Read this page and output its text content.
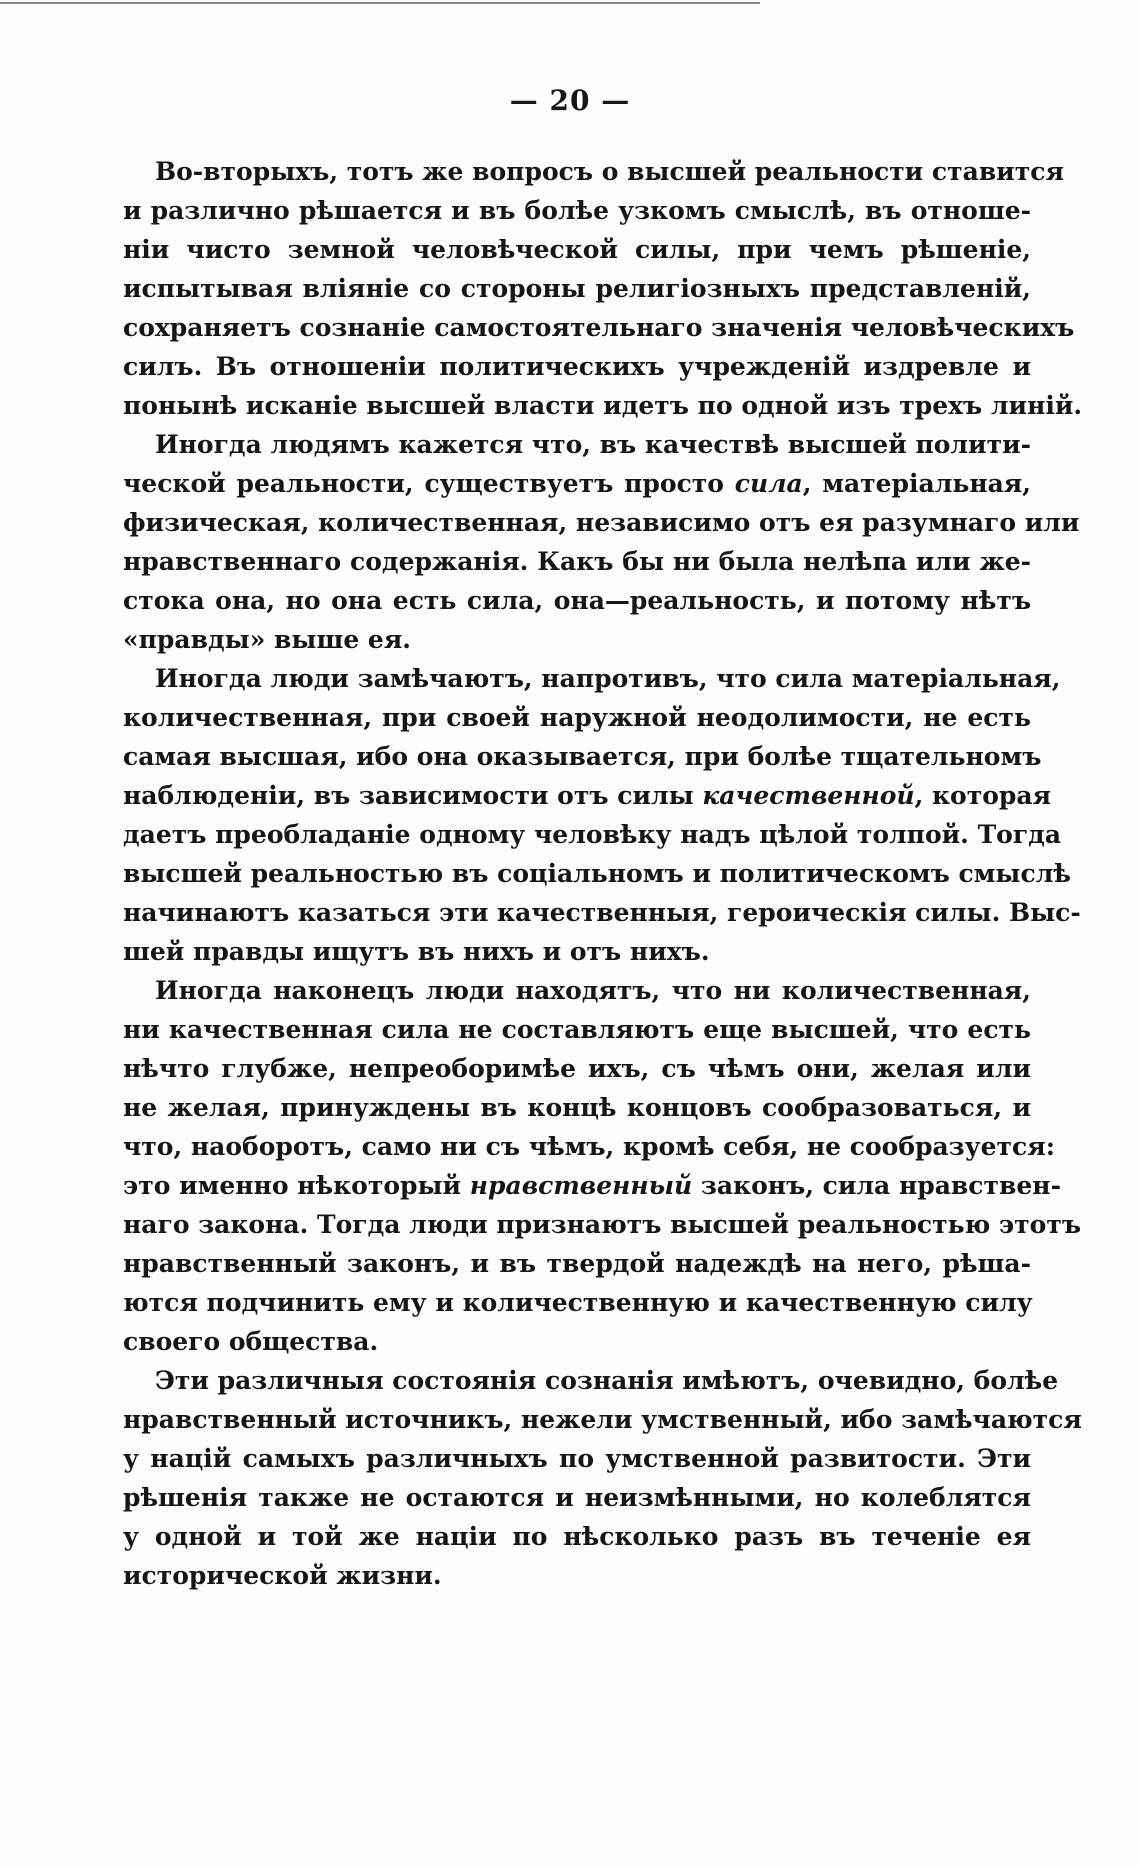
— 20 —
Во-вторыхъ, тотъ же вопросъ о высшей реальности ставится
и различно рѣшается и въ болѣе узкомъ смыслѣ, въ отноше-
ніи чисто земной человѣческой силы, при чемъ рѣшеніе,
испытывая вліяніе со стороны религіозныхъ представленій,
сохраняетъ сознаніе самостоятельнаго значенія человѣческихъ
силъ. Въ отношеніи политическихъ учрежденій издревле и
понынѣ исканіе высшей власти идетъ по одной изъ трехъ линій.
Иногда людямъ кажется что, въ качествѣ высшей полити-
ческой реальности, существуетъ просто сила, матеріальная,
физическая, количественная, независимо отъ ея разумнаго или
нравственнаго содержанія. Какъ бы ни была нелѣпа или же-
стока она, но она есть сила, она—реальность, и потому нѣтъ
«правды» выше ея.
Иногда люди замѣчаютъ, напротивъ, что сила матеріальная,
количественная, при своей наружной неодолимости, не есть
самая высшая, ибо она оказывается, при болѣе тщательномъ
наблюденіи, въ зависимости отъ силы качественной, которая
даетъ преобладаніе одному человѣку надъ цѣлой толпой. Тогда
высшей реальностью въ соціальномъ и политическомъ смыслѣ
начинаютъ казаться эти качественныя, героическія силы. Выс-
шей правды ищутъ въ нихъ и отъ нихъ.
Иногда наконецъ люди находятъ, что ни количественная,
ни качественная сила не составляютъ еще высшей, что есть
нѣчто глубже, непреоборимѣе ихъ, съ чѣмъ они, желая или
не желая, принуждены въ концѣ концовъ сообразоваться, и
что, наоборотъ, само ни съ чѣмъ, кромѣ себя, не сообразуется:
это именно нѣкоторый нравственный законъ, сила нравствен-
наго закона. Тогда люди признаютъ высшей реальностью этотъ
нравственный законъ, и въ твердой надеждѣ на него, рѣша-
ются подчинить ему и количественную и качественную силу
своего общества.
Эти различныя состоянія сознанія имѣютъ, очевидно, болѣе
нравственный источникъ, нежели умственный, ибо замѣчаются
у націй самыхъ различныхъ по умственной развитости. Эти
рѣшенія также не остаются и неизмѣнными, но колеблятся
у одной и той же націи по нѣсколько разъ въ теченіе ея
исторической жизни.
